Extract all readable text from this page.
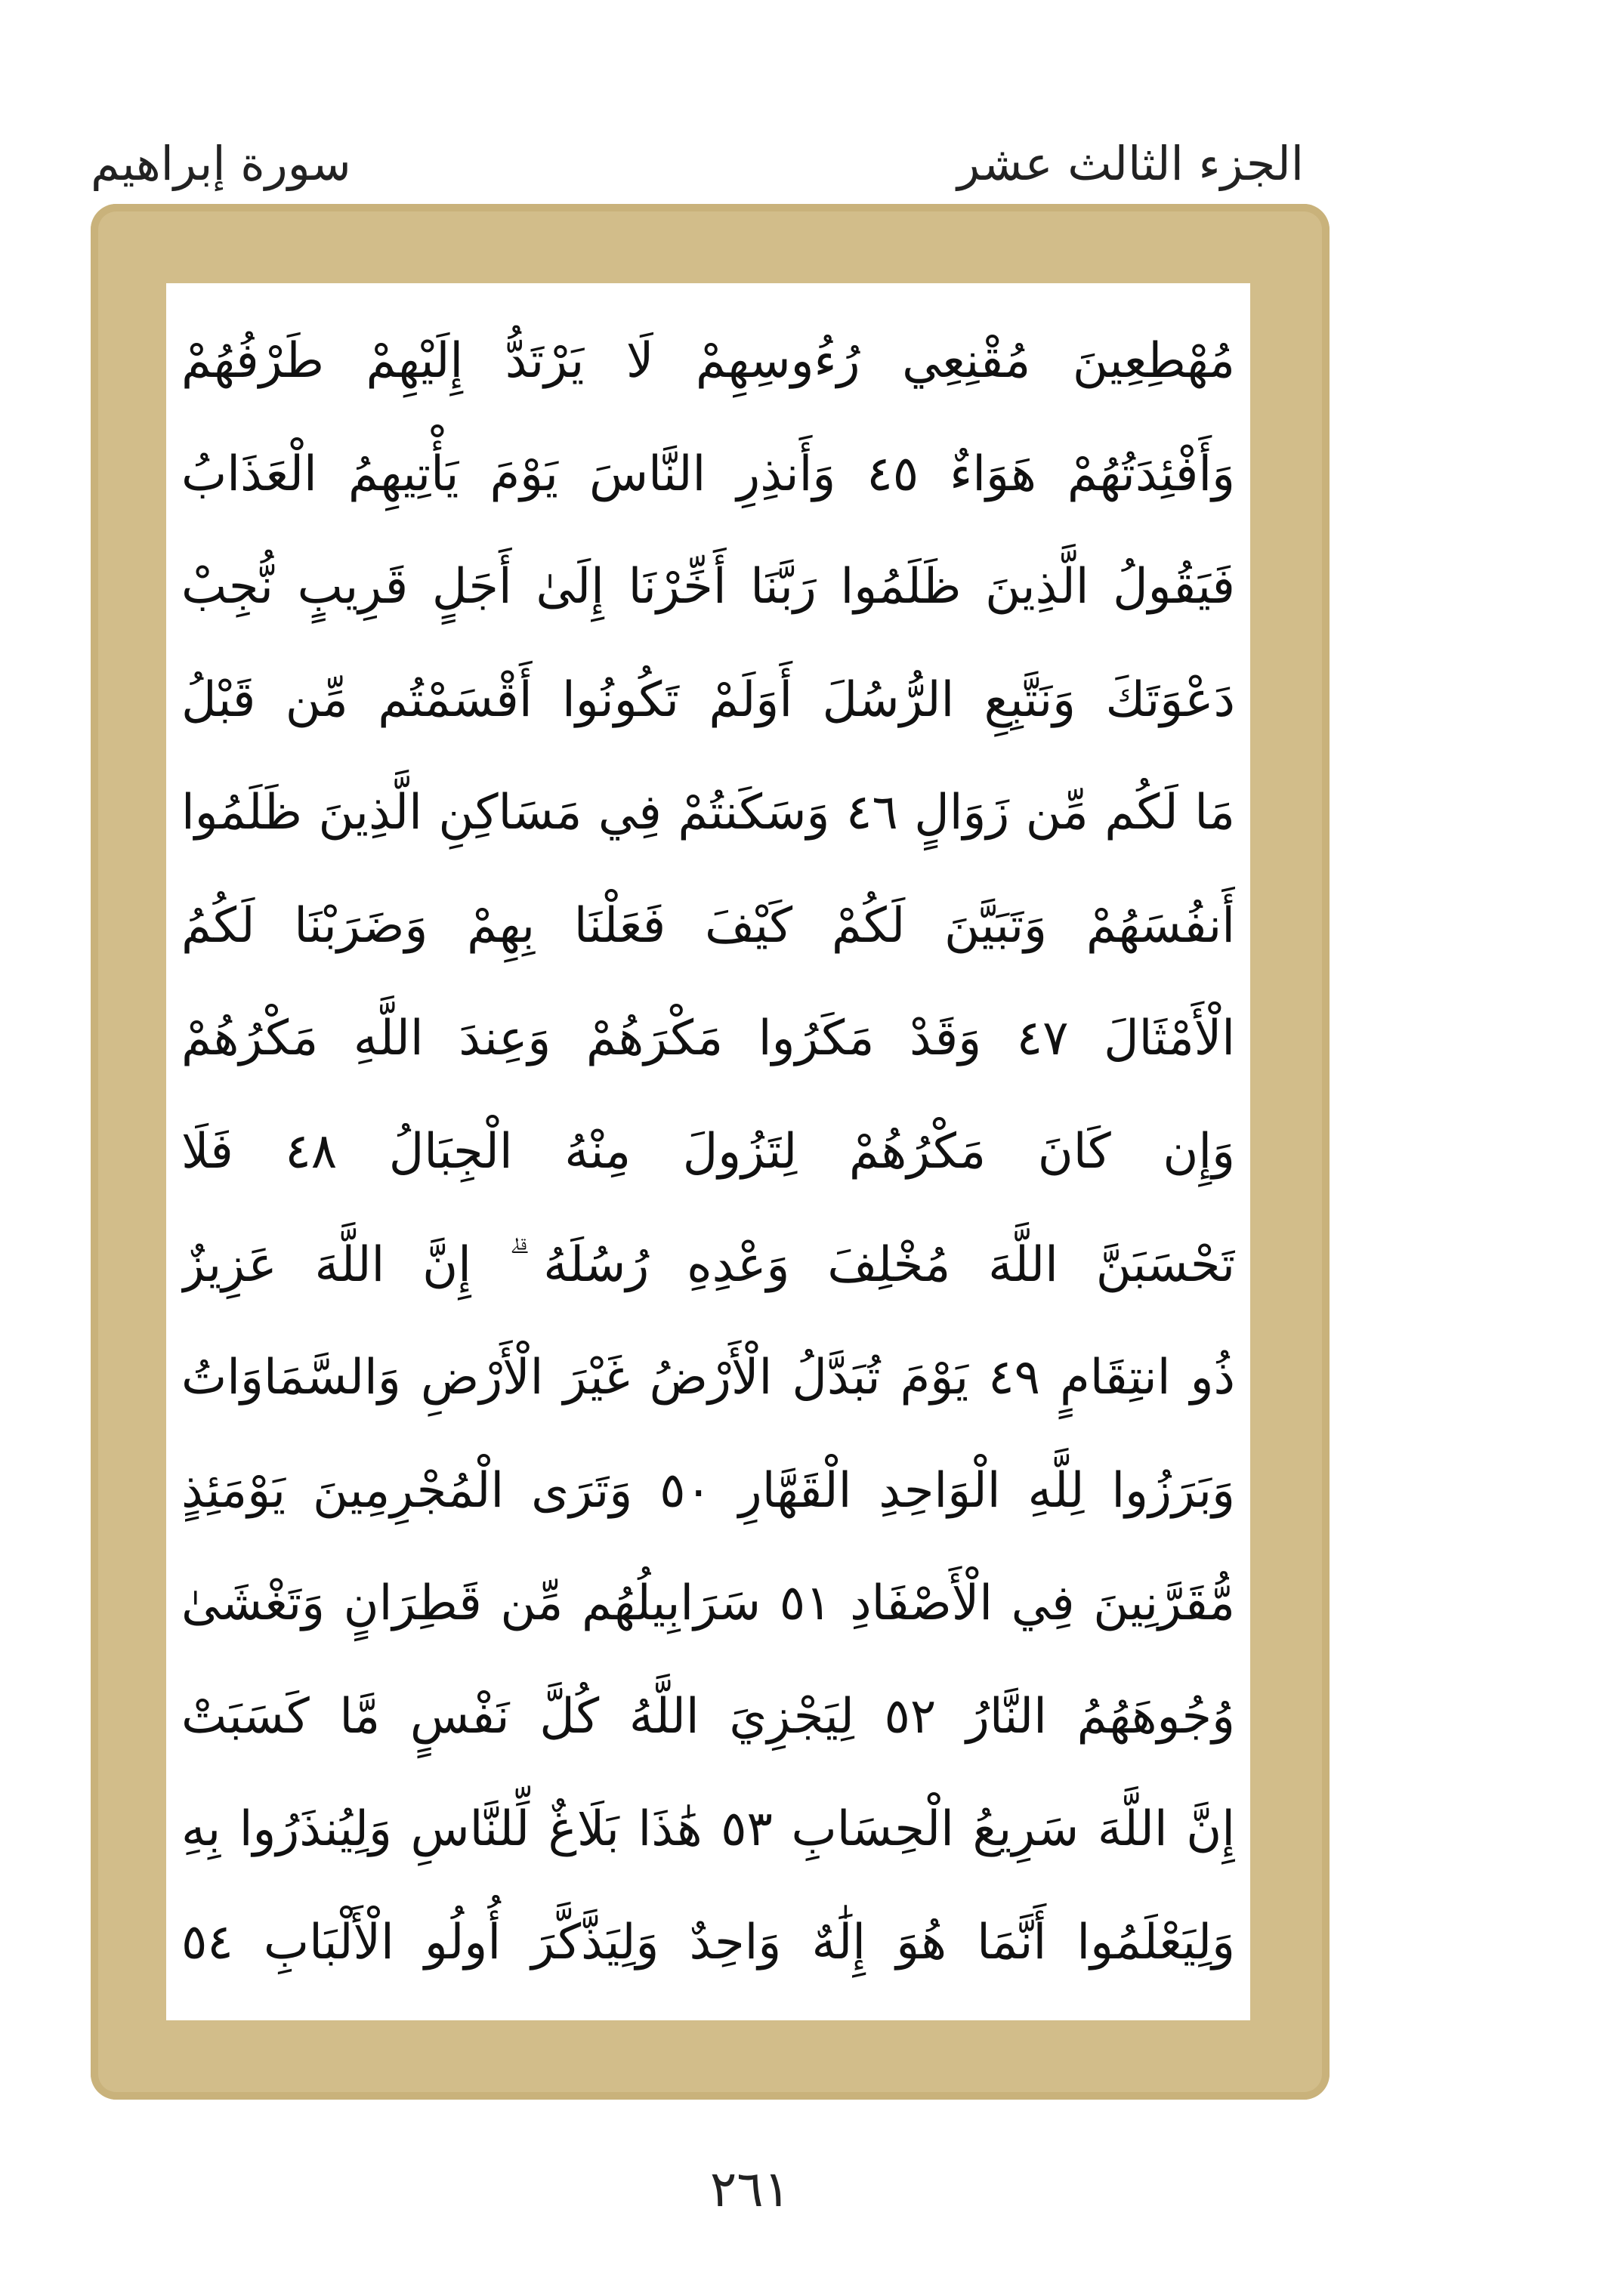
الجزء الثالث عشر
سورة إبراهيم
مُهْطِعِينَ مُقْنِعِي رُءُوسِهِمْ لَا يَرْتَدُّ إِلَيْهِمْ طَرْفُهُمْ
وَأَفْئِدَتُهُمْ هَوَاءٌ ٤٥ وَأَنذِرِ النَّاسَ يَوْمَ يَأْتِيهِمُ الْعَذَابُ
فَيَقُولُ الَّذِينَ ظَلَمُوا رَبَّنَا أَخِّرْنَا إِلَىٰ أَجَلٍ قَرِيبٍ نُّجِبْ
دَعْوَتَكَ وَنَتَّبِعِ الرُّسُلَ أَوَلَمْ تَكُونُوا أَقْسَمْتُم مِّن قَبْلُ
مَا لَكُم مِّن زَوَالٍ ٤٦ وَسَكَنتُمْ فِي مَسَاكِنِ الَّذِينَ ظَلَمُوا
أَنفُسَهُمْ وَتَبَيَّنَ لَكُمْ كَيْفَ فَعَلْنَا بِهِمْ وَضَرَبْنَا لَكُمُ
الْأَمْثَالَ ٤٧ وَقَدْ مَكَرُوا مَكْرَهُمْ وَعِندَ اللَّهِ مَكْرُهُمْ
وَإِن كَانَ مَكْرُهُمْ لِتَزُولَ مِنْهُ الْجِبَالُ ٤٨ فَلَا
تَحْسَبَنَّ اللَّهَ مُخْلِفَ وَعْدِهِ رُسُلَهُ ۗ إِنَّ اللَّهَ عَزِيزٌ
ذُو انتِقَامٍ ٤٩ يَوْمَ تُبَدَّلُ الْأَرْضُ غَيْرَ الْأَرْضِ وَالسَّمَاوَاتُ
وَبَرَزُوا لِلَّهِ الْوَاحِدِ الْقَهَّارِ ٥٠ وَتَرَى الْمُجْرِمِينَ يَوْمَئِذٍ
مُّقَرَّنِينَ فِي الْأَصْفَادِ ٥١ سَرَابِيلُهُم مِّن قَطِرَانٍ وَتَغْشَىٰ
وُجُوهَهُمُ النَّارُ ٥٢ لِيَجْزِيَ اللَّهُ كُلَّ نَفْسٍ مَّا كَسَبَتْ
إِنَّ اللَّهَ سَرِيعُ الْحِسَابِ ٥٣ هَٰذَا بَلَاغٌ لِّلنَّاسِ وَلِيُنذَرُوا بِهِ
وَلِيَعْلَمُوا أَنَّمَا هُوَ إِلَٰهٌ وَاحِدٌ وَلِيَذَّكَّرَ أُولُو الْأَلْبَابِ ٥٤
٢٦١
